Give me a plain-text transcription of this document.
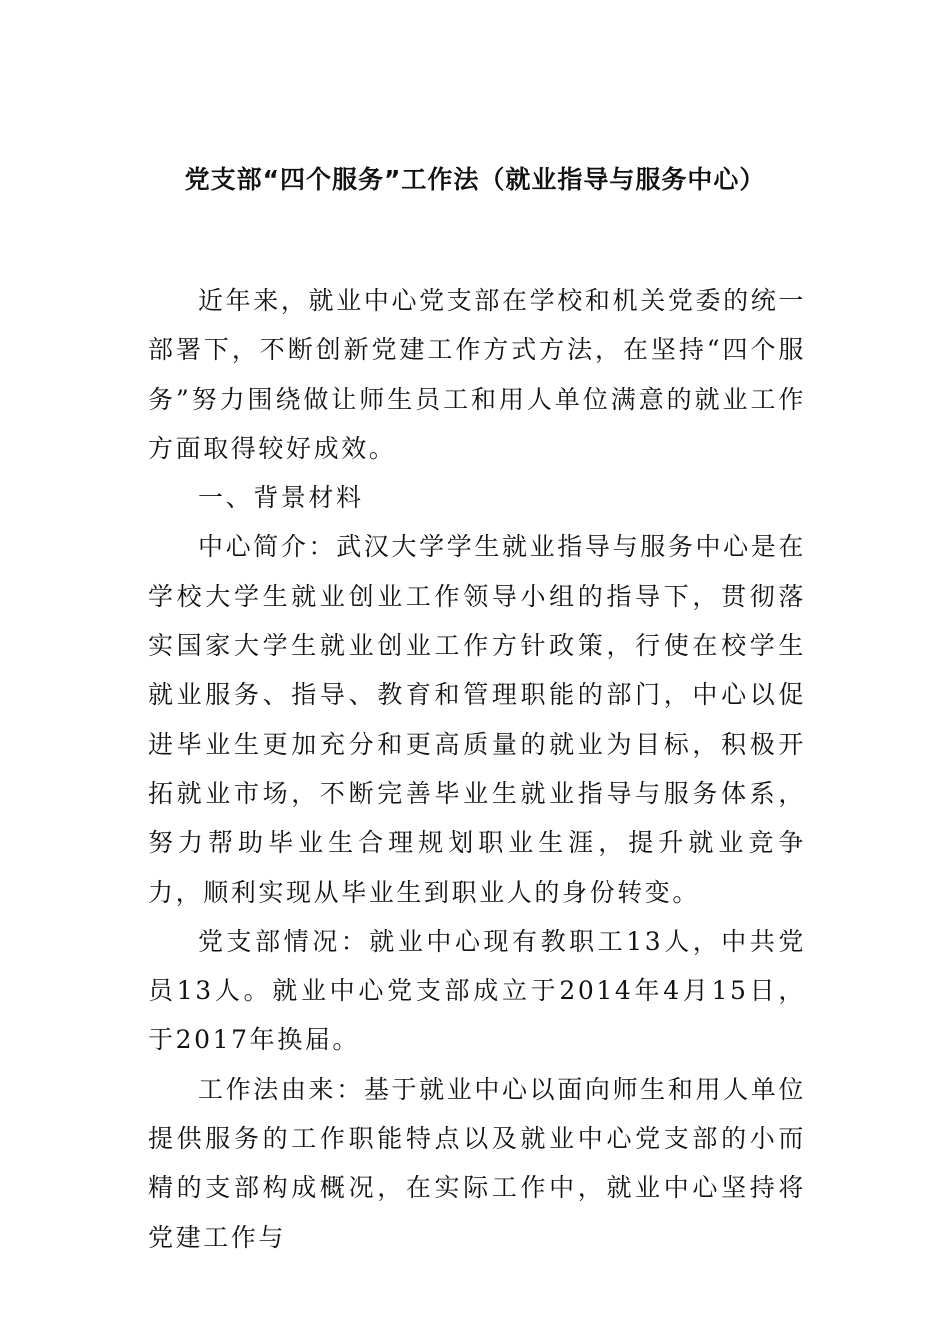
党支部“四个服务”工作法（就业指导与服务中心）

近年来，就业中心党支部在学校和机关党委的统一部署下，不断创新党建工作方式方法，在坚持“四个服务”努力围绕做让师生员工和用人单位满意的就业工作方面取得较好成效。

一、背景材料

中心简介：武汉大学学生就业指导与服务中心是在学校大学生就业创业工作领导小组的指导下，贯彻落实国家大学生就业创业工作方针政策，行使在校学生就业服务、指导、教育和管理职能的部门，中心以促进毕业生更加充分和更高质量的就业为目标，积极开拓就业市场，不断完善毕业生就业指导与服务体系，努力帮助毕业生合理规划职业生涯，提升就业竞争力，顺利实现从毕业生到职业人的身份转变。

党支部情况：就业中心现有教职工13人，中共党员13人。就业中心党支部成立于2014年4月15日，于2017年换届。

工作法由来：基于就业中心以面向师生和用人单位提供服务的工作职能特点以及就业中心党支部的小而精的支部构成概况，在实际工作中，就业中心坚持将党建工作与
